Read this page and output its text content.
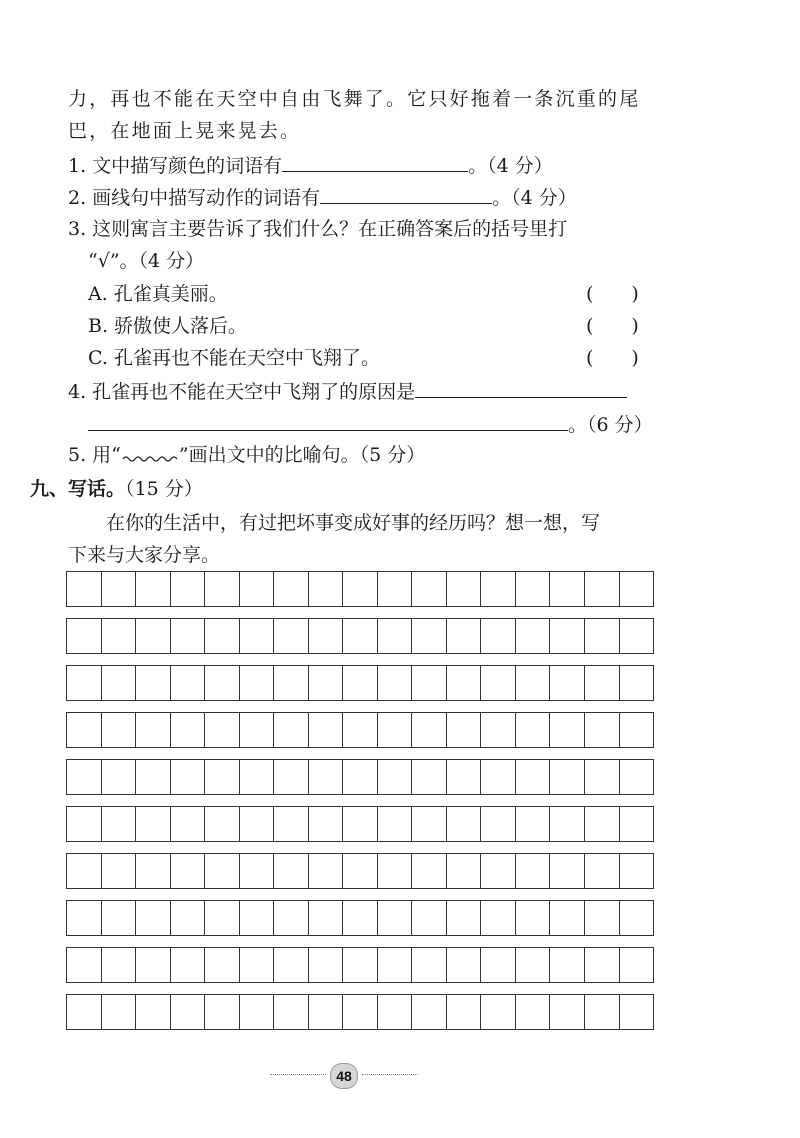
力，再也不能在天空中自由飞舞了。它只好拖着一条沉重的尾
巴，在地面上晃来晃去。
1. 文中描写颜色的词语有	。（4 分）
2. 画线句中描写动作的词语有	。（4 分）
3. 这则寓言主要告诉了我们什么？在正确答案后的括号里打
“√”。（4 分）
A. 孔雀真美丽。	(　　)
B. 骄傲使人落后。	(　　)
C. 孔雀再也不能在天空中飞翔了。	(　　)
4. 孔雀再也不能在天空中飞翔了的原因是
。（6 分）
5. 用“	”画出文中的比喻句。（5 分）
九、写话。（15 分）
在你的生活中，有过把坏事变成好事的经历吗？想一想，写
下来与大家分享。
48
